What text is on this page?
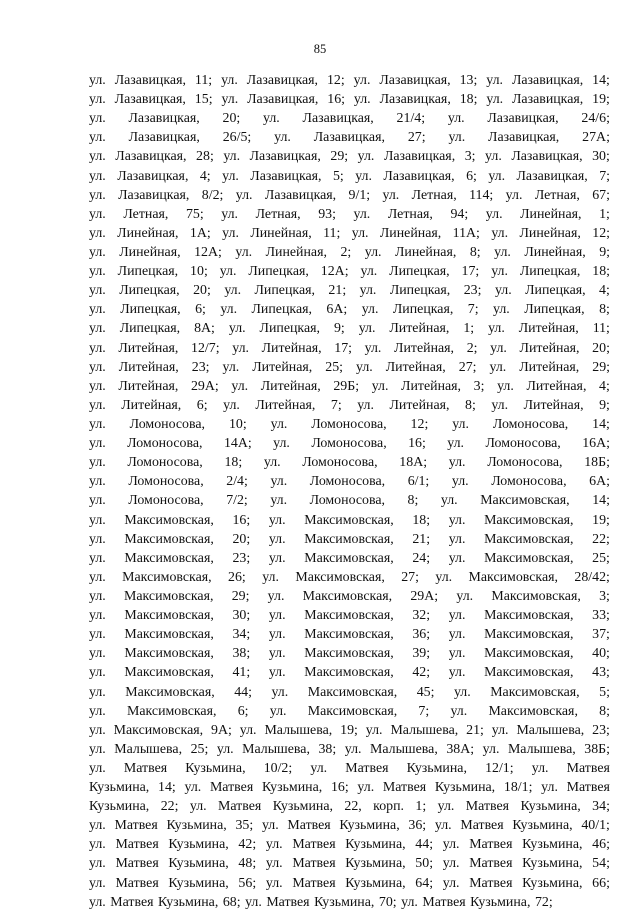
85
ул. Лазавицкая, 11; ул. Лазавицкая, 12; ул. Лазавицкая, 13; ул. Лазавицкая, 14;
ул. Лазавицкая, 15; ул. Лазавицкая, 16; ул. Лазавицкая, 18; ул. Лазавицкая, 19;
ул. Лазавицкая, 20; ул. Лазавицкая, 21/4; ул. Лазавицкая, 24/6;
ул. Лазавицкая, 26/5; ул. Лазавицкая, 27; ул. Лазавицкая, 27А;
ул. Лазавицкая, 28; ул. Лазавицкая, 29; ул. Лазавицкая, 3; ул. Лазавицкая, 30;
ул. Лазавицкая, 4; ул. Лазавицкая, 5; ул. Лазавицкая, 6; ул. Лазавицкая, 7;
ул. Лазавицкая, 8/2; ул. Лазавицкая, 9/1; ул. Летная, 114; ул. Летная, 67;
ул. Летная, 75; ул. Летная, 93; ул. Летная, 94; ул. Линейная, 1;
ул. Линейная, 1А; ул. Линейная, 11; ул. Линейная, 11А; ул. Линейная, 12;
ул. Линейная, 12А; ул. Линейная, 2; ул. Линейная, 8; ул. Линейная, 9;
ул. Липецкая, 10; ул. Липецкая, 12А; ул. Липецкая, 17; ул. Липецкая, 18;
ул. Липецкая, 20; ул. Липецкая, 21; ул. Липецкая, 23; ул. Липецкая, 4;
ул. Липецкая, 6; ул. Липецкая, 6А; ул. Липецкая, 7; ул. Липецкая, 8;
ул. Липецкая, 8А; ул. Липецкая, 9; ул. Литейная, 1; ул. Литейная, 11;
ул. Литейная, 12/7; ул. Литейная, 17; ул. Литейная, 2; ул. Литейная, 20;
ул. Литейная, 23; ул. Литейная, 25; ул. Литейная, 27; ул. Литейная, 29;
ул. Литейная, 29А; ул. Литейная, 29Б; ул. Литейная, 3; ул. Литейная, 4;
ул. Литейная, 6; ул. Литейная, 7; ул. Литейная, 8; ул. Литейная, 9;
ул. Ломоносова, 10; ул. Ломоносова, 12; ул. Ломоносова, 14;
ул. Ломоносова, 14А; ул. Ломоносова, 16; ул. Ломоносова, 16А;
ул. Ломоносова, 18; ул. Ломоносова, 18А; ул. Ломоносова, 18Б;
ул. Ломоносова, 2/4; ул. Ломоносова, 6/1; ул. Ломоносова, 6А;
ул. Ломоносова, 7/2; ул. Ломоносова, 8; ул. Максимовская, 14;
ул. Максимовская, 16; ул. Максимовская, 18; ул. Максимовская, 19;
ул. Максимовская, 20; ул. Максимовская, 21; ул. Максимовская, 22;
ул. Максимовская, 23; ул. Максимовская, 24; ул. Максимовская, 25;
ул. Максимовская, 26; ул. Максимовская, 27; ул. Максимовская, 28/42;
ул. Максимовская, 29; ул. Максимовская, 29А; ул. Максимовская, 3;
ул. Максимовская, 30; ул. Максимовская, 32; ул. Максимовская, 33;
ул. Максимовская, 34; ул. Максимовская, 36; ул. Максимовская, 37;
ул. Максимовская, 38; ул. Максимовская, 39; ул. Максимовская, 40;
ул. Максимовская, 41; ул. Максимовская, 42; ул. Максимовская, 43;
ул. Максимовская, 44; ул. Максимовская, 45; ул. Максимовская, 5;
ул. Максимовская, 6; ул. Максимовская, 7; ул. Максимовская, 8;
ул. Максимовская, 9А; ул. Малышева, 19; ул. Малышева, 21; ул. Малышева, 23;
ул. Малышева, 25; ул. Малышева, 38; ул. Малышева, 38А; ул. Малышева, 38Б;
ул. Матвея Кузьмина, 10/2; ул. Матвея Кузьмина, 12/1; ул. Матвея
Кузьмина, 14; ул. Матвея Кузьмина, 16; ул. Матвея Кузьмина, 18/1; ул. Матвея
Кузьмина, 22; ул. Матвея Кузьмина, 22, корп. 1; ул. Матвея Кузьмина, 34;
ул. Матвея Кузьмина, 35; ул. Матвея Кузьмина, 36; ул. Матвея Кузьмина, 40/1;
ул. Матвея Кузьмина, 42; ул. Матвея Кузьмина, 44; ул. Матвея Кузьмина, 46;
ул. Матвея Кузьмина, 48; ул. Матвея Кузьмина, 50; ул. Матвея Кузьмина, 54;
ул. Матвея Кузьмина, 56; ул. Матвея Кузьмина, 64; ул. Матвея Кузьмина, 66;
ул. Матвея Кузьмина, 68; ул. Матвея Кузьмина, 70; ул. Матвея Кузьмина, 72;
